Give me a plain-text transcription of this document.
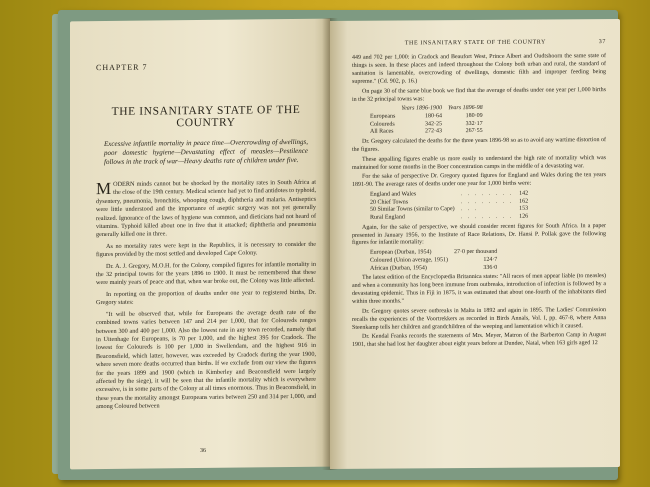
CHAPTER 7
THE INSANITARY STATE OF THE COUNTRY
Excessive infantile mortality in peace time—Overcrowding of dwellings, poor domestic hygiene—Devastating effect of measles—Pestilence follows in the track of war—Heavy deaths rate of children under five.
MODERN minds cannot but be shocked by the mortality rates in South Africa at the close of the 19th century. Medical science had yet to find antidotes to typhoid, dysentery, pneumonia, bronchitis, whooping cough, diphtheria and malaria. Antiseptics were little understood and the importance of aseptic surgery was not yet generally realized. Ignorance of the laws of hygiene was common, and dieticians had not heard of vitamins. Typhoid killed about one in five that it attacked; diphtheria and pneumonia generally killed one in three.
As no mortality rates were kept in the Republics, it is necessary to consider the figures provided by the most settled and developed Cape Colony.
Dr. A. J. Gregory, M.O.H. for the Colony, compiled figures for infantile mortality in the 32 principal towns for the years 1896 to 1900. It must be remembered that these were mainly years of peace and that, when war broke out, the Colony was little affected.
In reporting on the proportion of deaths under one year to registered births, Dr. Gregory states:
"It will be observed that, while for Europeans the average death rate of the combined towns varies between 147 and 214 per 1,000, that for Coloureds ranges between 300 and 400 per 1,000. Also the lowest rate in any town recorded, namely that in Uitenhage for Europeans, is 70 per 1,000, and the highest 395 for Cradock. The lowest for Coloureds is 100 per 1,000 in Swellendam, and the highest 916 in Beaconsfield, which latter, however, was exceeded by Cradock during the year 1900, where seven more deaths occurred than births. If we exclude from our view the figures for the years 1899 and 1900 (which in Kimberley and Beaconsfield were largely affected by the siege), it will be seen that the infantile mortality which is everywhere excessive, is in some parts of the Colony at all times enormous. Thus in Beaconsfield, in these years the mortality amongst Europeans varies between 250 and 314 per 1,000, and among Coloured between
36
THE INSANITARY STATE OF THE COUNTRY	37
449 and 702 per 1,000: in Cradock and Beaufort West, Prince Albert and Oudtshoorn the same state of things is seen. In these places and indeed throughout the Colony both urban and rural, the standard of sanitation is lamentable, overcrowding of dwellings, domestic filth and improper feeding being supreme." (Cd. 902, p. 16.)
On page 30 of the same blue book we find that the average of deaths under one year per 1,000 births in the 32 principal towns was:
	Years 1896-1900	Years 1896-98
Europeans	180·64	180·09
Coloureds	342·25	332·17
All Races	272·43	267·55
Dr. Gregory calculated the deaths for the three years 1896-98 so as to avoid any wartime distortion of the figures.
These appalling figures enable us more easily to understand the high rate of mortality which was maintained for some months in the Boer concentration camps in the middle of a devastating war.
For the sake of perspective Dr. Gregory quoted figures for England and Wales during the ten years 1891-90. The average rates of deaths under one year for 1,000 births were:
England and Wales	. . . . . . . .	142
20 Chief Towns	. . . . . . . .	162
50 Similar Towns (similar to Cape)	. . .	153
Rural England	. . . . . . . .	126
Again, for the sake of perspective, we should consider recent figures for South Africa. In a paper presented in January 1956, to the Institute of Race Relations, Dr. Hansi P. Pollak gave the following figures for infantile mortality:
European (Durban, 1954)	27·0 per thousand
Coloured (Union average, 1951)	124·7
African (Durban, 1954)	336·0
The latest edition of the Encyclopædia Britannica states: "All races of men appear liable (to measles) and when a community has long been immune from outbreaks, introduction of infection is followed by a devastating epidemic. Thus in Fiji in 1875, it was estimated that about one-fourth of the inhabitants died within three months."
Dr. Gregory quotes severe outbreaks in Malta in 1892 and again in 1895. The Ladies' Commission recalls the experiences of the Voortrekkers as recorded in Birds Annals, Vol. I, pp. 467-8, where Anna Steenkamp tells her children and grandchildren of the weeping and lamentation which it caused.
Dr. Kendal Franks records the statements of Mrs. Meyer, Matron of the Barberton Camp in August 1901, that she had lost her daughter about eight years before at Dundee, Natal, when 163 girls aged 12
